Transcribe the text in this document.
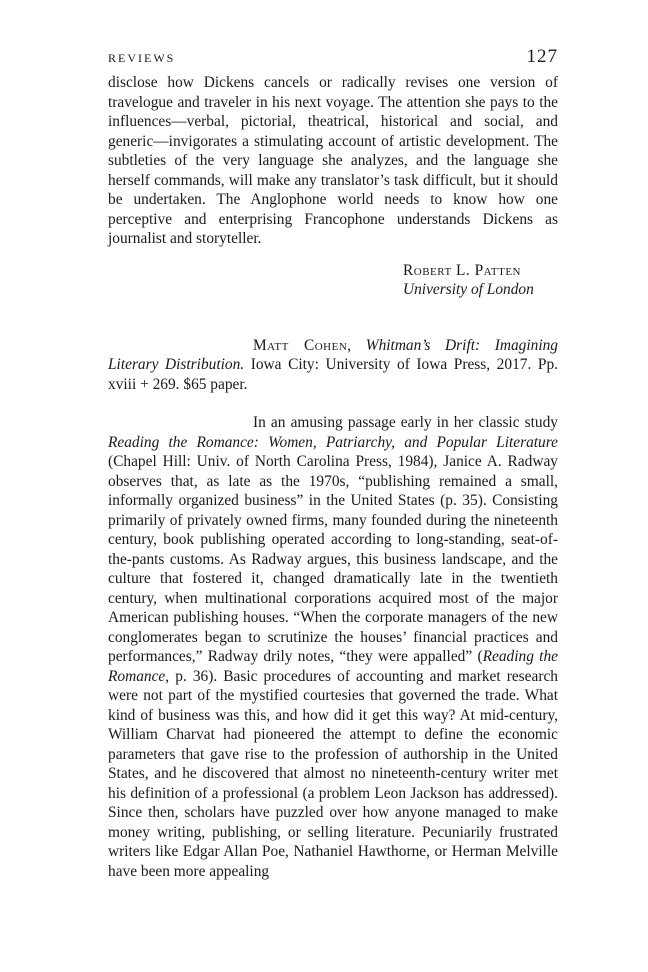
REVIEWS	127

disclose how Dickens cancels or radically revises one version of travelogue and traveler in his next voyage. The attention she pays to the influences—verbal, pictorial, theatrical, historical and social, and generic—invigorates a stimulating account of artistic development. The subtleties of the very language she analyzes, and the language she herself commands, will make any translator’s task difficult, but it should be undertaken. The Anglophone world needs to know how one perceptive and enterprising Francophone understands Dickens as journalist and storyteller.

Robert L. Patten
University of London

Matt Cohen, Whitman’s Drift: Imagining Literary Distribution. Iowa City: University of Iowa Press, 2017. Pp. xviii + 269. $65 paper.

In an amusing passage early in her classic study Reading the Romance: Women, Patriarchy, and Popular Literature (Chapel Hill: Univ. of North Carolina Press, 1984), Janice A. Radway observes that, as late as the 1970s, “publishing remained a small, informally organized business” in the United States (p. 35). Consisting primarily of privately owned firms, many founded during the nineteenth century, book publishing operated according to long-standing, seat-of-the-pants customs. As Radway argues, this business landscape, and the culture that fostered it, changed dramatically late in the twentieth century, when multinational corporations acquired most of the major American publishing houses. “When the corporate managers of the new conglomerates began to scrutinize the houses’ financial practices and performances,” Radway drily notes, “they were appalled” (Reading the Romance, p. 36). Basic procedures of accounting and market research were not part of the mystified courtesies that governed the trade. What kind of business was this, and how did it get this way? At mid-century, William Charvat had pioneered the attempt to define the economic parameters that gave rise to the profession of authorship in the United States, and he discovered that almost no nineteenth-century writer met his definition of a professional (a problem Leon Jackson has addressed). Since then, scholars have puzzled over how anyone managed to make money writing, publishing, or selling literature. Pecuniarily frustrated writers like Edgar Allan Poe, Nathaniel Hawthorne, or Herman Melville have been more appealing
